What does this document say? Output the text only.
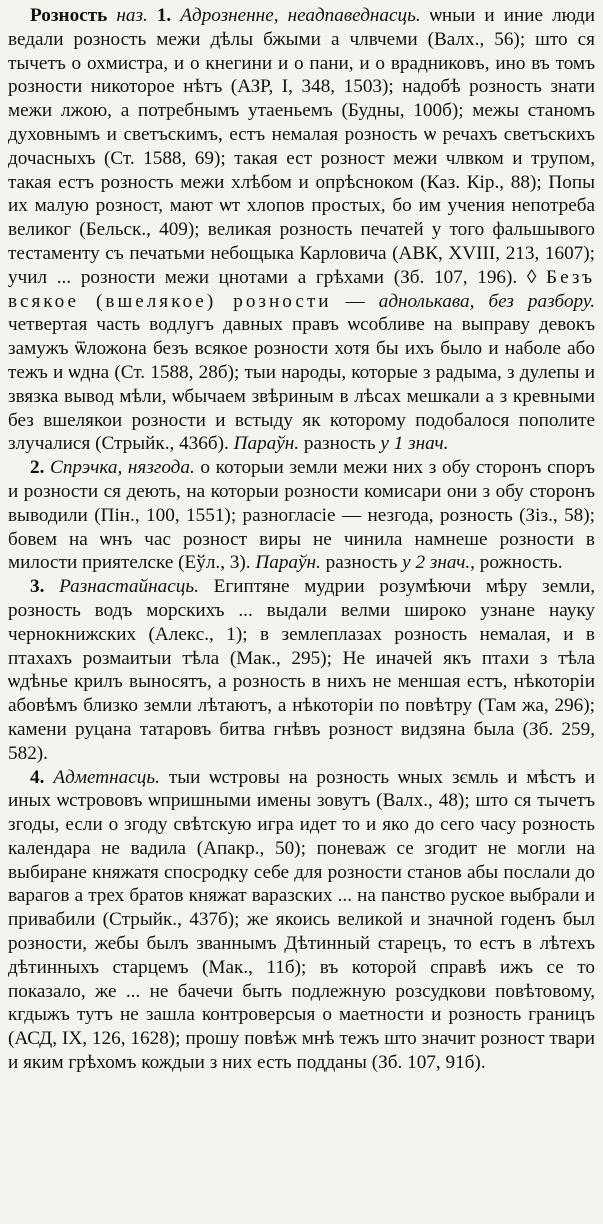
Розность наз. 1. Адрозненне, неадпаведнасць. ѡныи и иние люди ведали розность межи дѣлы бжыми а члвчеми (Валх., 56); што ся тычетъ о охмистра, и о кнегини и о пани, и о врадниковъ, ино въ томъ розности никоторое нѣтъ (АЗР, І, 348, 1503); надобѣ розность знати межи лжою, а потребнымъ утаеньемъ (Будны, 100б); межы станомъ духовнымъ и светъскимъ, естъ немалая розность ѡ речахъ светъскихъ дочасныхъ (Ст. 1588, 69); такая ест розност межи члвком и трупом, такая естъ розность межи хлѣбом и опрѣсноком (Каз. Кір., 88); Попы их малую розност, мают ѡт хлопов простых, бо им учения непотреба великог (Бельск., 409); великая розность печатей у того фальшывого тестаменту съ печатьми небощыка Карловича (АВК, XVIII, 213, 1607); учил ... розности межи цнотами а грѣхами (Зб. 107, 196). ◊ Безъ всякое (вшелякое) розности — аднолькава, без разбору. четвертая часть водлугъ давных правъ ѡсобливе на выправу девокъ замужъ ѿложона безъ всякое розности хотя бы ихъ было и наболе або тежъ и ѡдна (Ст. 1588, 28б); тыи народы, которые з радыма, з дулепы и звязка вывод мѣли, ѡбычаем звѣриным в лѣсах мешкали а з кревными без вшелякои розности и встыду як которому подобалося пополите злучалися (Стрыйк., 436б). Параўн. разность у 1 знач.

2. Спрэчка, нязгода. о которыи земли межи них з обу сторонъ споръ и розности ся деють, на которыи розности комисари они з обу сторонъ выводили (Пін., 100, 1551); разногласіе — незгода, розность (Зіз., 58); бовем на ѡнъ час розност виры не чинила намнеше розности в милости приятелске (Еўл., 3). Параўн. разность у 2 знач., рожность.

3. Разнастайнасць. Египтяне мудрии розумѣючи мѣру земли, розность водъ морскихъ ... выдали велми широко узнане науку чернокнижских (Алекс., 1); в землеплазах розность немалая, и в птахахъ розмаитыи тѣла (Мак., 295); Не иначей якъ птахи з тѣла ѡдѣнье крилъ выносятъ, а розность в нихъ не меншая естъ, нѣкоторіи абовѣмъ близко земли лѣтаютъ, а нѣкоторіи по повѣтру (Там жа, 296); камени руцана татаровъ битва гнѣвъ розност видзяна была (Зб. 259, 582).

4. Адметнасць. тыи ѡстровы на розность ѡных зємль и мѣстъ и иных ѡстрововъ ѡпришными имены зовутъ (Валх., 48); што ся тычетъ згоды, если о згоду свѣтскую игра идет то и яко до сего часу розность календара не вадила (Апакр., 50); поневаж се згодит не могли на выбиране княжатя спосродку себе для розности станов абы послали до варагов а трех братов княжат варазских ... на панство руское выбрали и привабили (Стрыйк., 437б); же якоись великой и значной годенъ был розности, жебы былъ званнымъ Дѣтинный старецъ, то естъ в лѣтехъ дѣтинныхъ старцемъ (Мак., 11б); въ которой справѣ ижъ се то показало, же ... не бачечи быть подлежную розсудкови повѣтовому, кгдыжъ тутъ не зашла контроверсыя о маетности и розность границъ (АСД, IX, 126, 1628); прошу повѣж мнѣ тежъ што значит розност твари и яким грѣхомъ кождыи з них есть подданы (Зб. 107, 91б).
